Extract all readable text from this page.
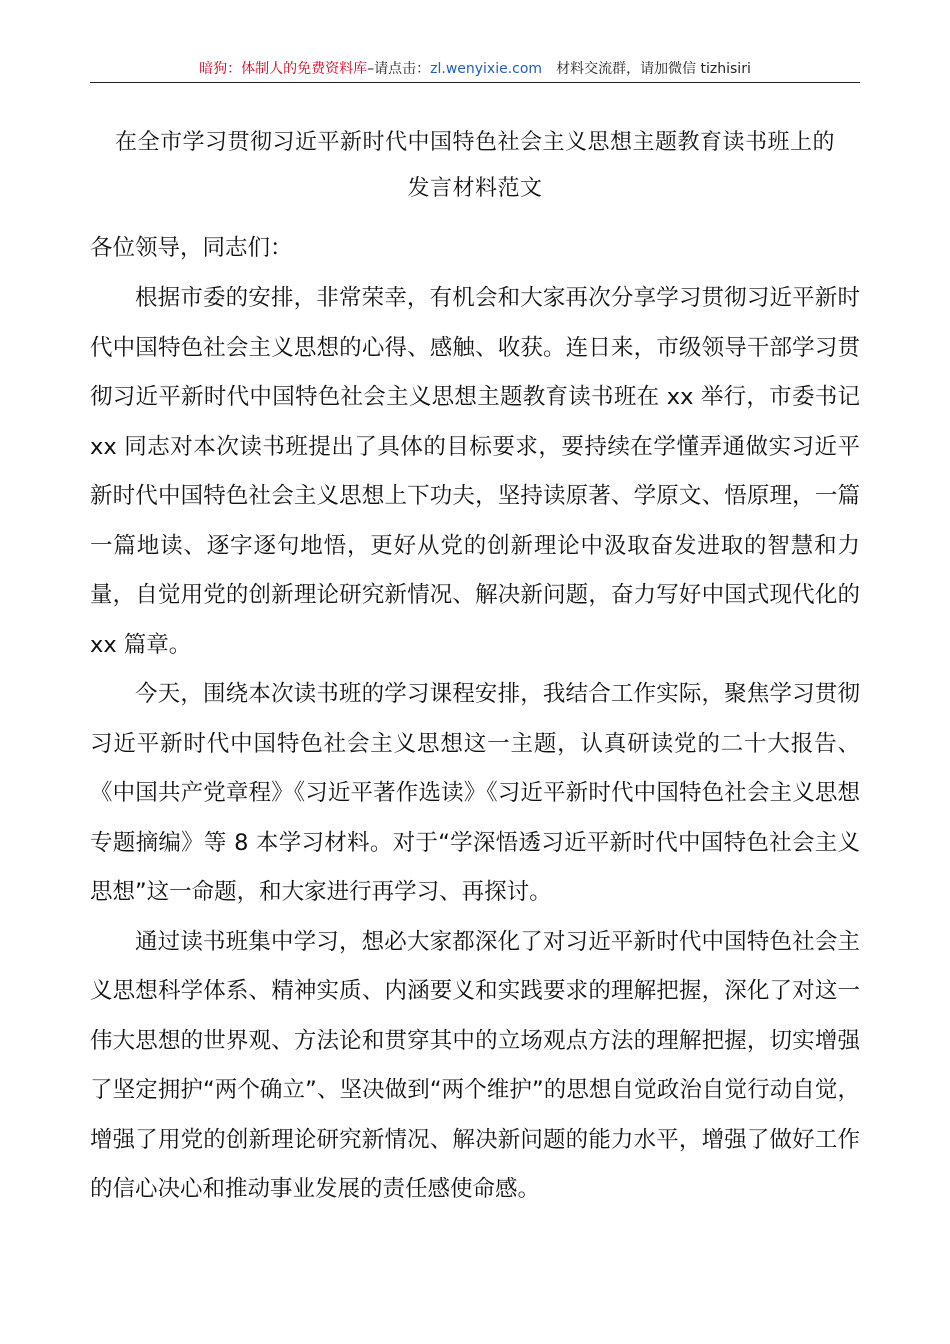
暗狗：体制人的免费资料库–请点击：zl.wenyixie.com 材料交流群，请加微信 tizhisiri
在全市学习贯彻习近平新时代中国特色社会主义思想主题教育读书班上的
发言材料范文
各位领导，同志们：

根据市委的安排，非常荣幸，有机会和大家再次分享学习贯彻习近平新时代中国特色社会主义思想的心得、感触、收获。连日来，市级领导干部学习贯彻习近平新时代中国特色社会主义思想主题教育读书班在 xx 举行，市委书记 xx 同志对本次读书班提出了具体的目标要求，要持续在学懂弄通做实习近平新时代中国特色社会主义思想上下功夫，坚持读原著、学原文、悟原理，一篇一篇地读、逐字逐句地悟，更好从党的创新理论中汲取奋发进取的智慧和力量，自觉用党的创新理论研究新情况、解决新问题，奋力写好中国式现代化的 xx 篇章。

今天，围绕本次读书班的学习课程安排，我结合工作实际，聚焦学习贯彻习近平新时代中国特色社会主义思想这一主题，认真研读党的二十大报告、《中国共产党章程》《习近平著作选读》《习近平新时代中国特色社会主义思想专题摘编》等 8 本学习材料。对于“学深悟透习近平新时代中国特色社会主义思想”这一命题，和大家进行再学习、再探讨。

通过读书班集中学习，想必大家都深化了对习近平新时代中国特色社会主义思想科学体系、精神实质、内涵要义和实践要求的理解把握，深化了对这一伟大思想的世界观、方法论和贯穿其中的立场观点方法的理解把握，切实增强了坚定拥护“两个确立”、坚决做到“两个维护”的思想自觉政治自觉行动自觉，增强了用党的创新理论研究新情况、解决新问题的能力水平，增强了做好工作的信心决心和推动事业发展的责任感使命感。
